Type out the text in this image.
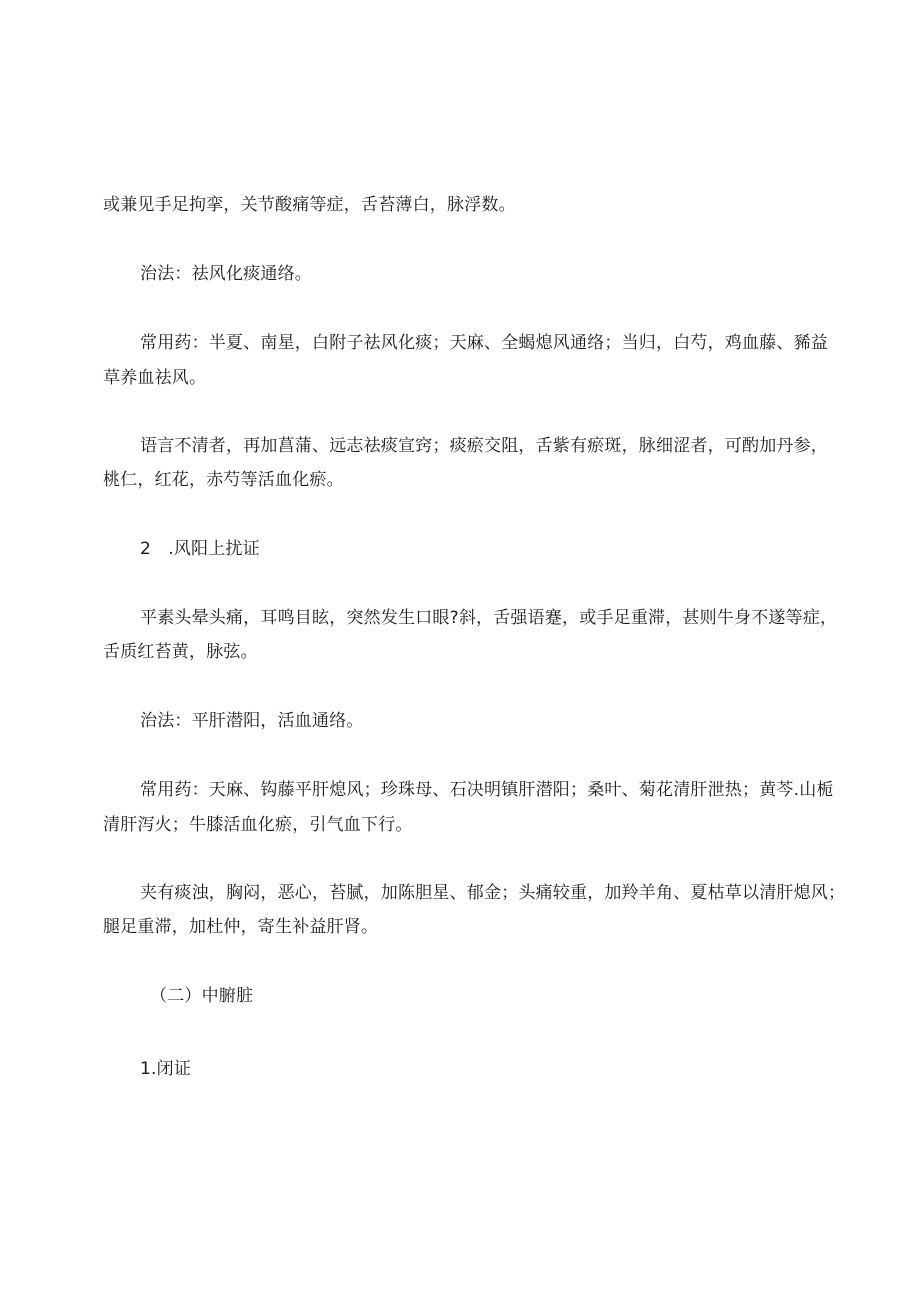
或兼见手足拘挛，关节酸痛等症，舌苔薄白，脉浮数。
治法：祛风化痰通络。
常用药：半夏、南星，白附子祛风化痰；天麻、全蝎熄风通络；当归，白芍，鸡血藤、豨益
草养血祛风。
语言不清者，再加菖蒲、远志祛痰宣窍；痰瘀交阻，舌紫有瘀斑，脉细涩者，可酌加丹参，
桃仁，红花，赤芍等活血化瘀。
2　.风阳上扰证
平素头晕头痛，耳鸣目眩，突然发生口眼?斜，舌强语蹇，或手足重滞，甚则牛身不遂等症，
舌质红苔黄，脉弦。
治法：平肝潜阳，活血通络。
常用药：天麻、钩藤平肝熄风；珍珠母、石决明镇肝潜阳；桑叶、菊花清肝泄热；黄芩.山栀
清肝泻火；牛膝活血化瘀，引气血下行。
夹有痰浊，胸闷，恶心，苔腻，加陈胆星、郁金；头痛较重，加羚羊角、夏枯草以清肝熄风；
腿足重滞，加杜仲，寄生补益肝肾。
（二）中腑脏
1.闭证
